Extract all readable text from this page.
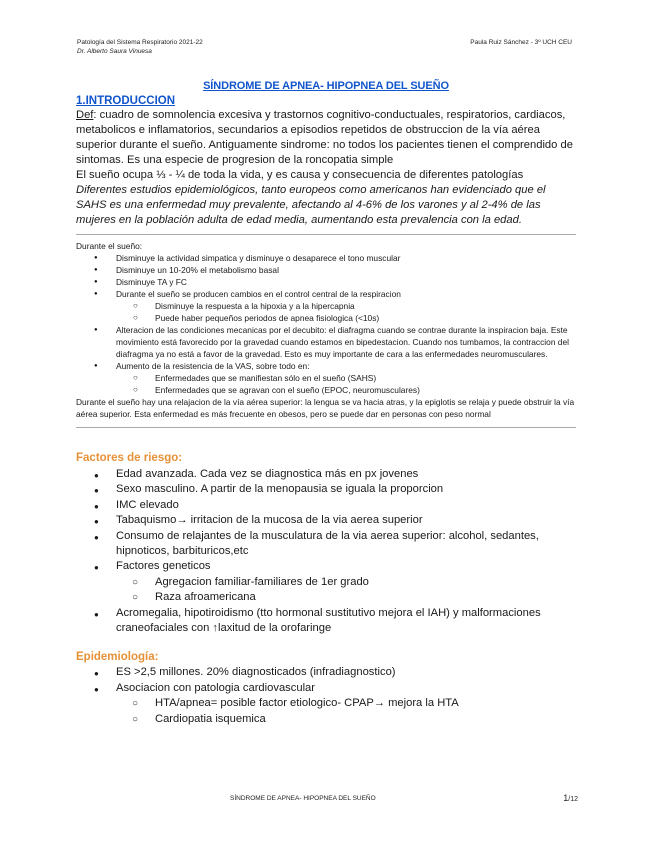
Patología del Sistema Respiratorio 2021-22
Dr. Alberto Saura Vinuesa
Paula Ruiz Sánchez - 3º UCH CEU
SÍNDROME DE APNEA- HIPOPNEA DEL SUEÑO
1.INTRODUCCION

Def: cuadro de somnolencia excesiva y trastornos cognitivo-conductuales, respiratorios, cardiacos, metabolicos e inflamatorios, secundarios a episodios repetidos de obstruccion de la vía aérea superior durante el sueño. Antiguamente sindrome: no todos los pacientes tienen el comprendido de sintomas. Es una especie de progresion de la roncopatia simple

El sueño ocupa ⅓ - ¼ de toda la vida, y es causa y consecuencia de diferentes patologías

Diferentes estudios epidemiológicos, tanto europeos como americanos han evidenciado que el SAHS es una enfermedad muy prevalente, afectando al 4-6% de los varones y al 2-4% de las mujeres en la población adulta de edad media, aumentando esta prevalencia con la edad.

Durante el sueño:

● Disminuye la actividad simpatica y disminuye o desaparece el tono muscular
● Disminuye un 10-20% el metabolismo basal
● Disminuye TA y FC
● Durante el sueño se producen cambios en el control central de la respiracion
○ Disminuye la respuesta a la hipoxia y a la hipercapnia
○ Puede haber pequeños periodos de apnea fisiologica (<10s)
● Alteracion de las condiciones mecanicas por el decubito: el diafragma cuando se contrae durante la inspiracion baja. Este movimiento está favorecido por la gravedad cuando estamos en bipedestacion. Cuando nos tumbamos, la contraccion del diafragma ya no está a favor de la gravedad. Esto es muy importante de cara a las enfermedades neuromusculares.
● Aumento de la resistencia de la VAS, sobre todo en:
○ Enfermedades que se manifiestan sólo en el sueño (SAHS)
○ Enfermedades que se agravan con el sueño (EPOC, neuromusculares)

Durante el sueño hay una relajacion de la vía aérea superior: la lengua se va hacia atras, y la epiglotis se relaja y puede obstruir la vía aérea superior. Esta enfermedad es más frecuente en obesos, pero se puede dar en personas con peso normal

Factores de riesgo:
● Edad avanzada. Cada vez se diagnostica más en px jovenes
● Sexo masculino. A partir de la menopausia se iguala la proporcion
● IMC elevado
● Tabaquismo→ irritacion de la mucosa de la via aerea superior
● Consumo de relajantes de la musculatura de la via aerea superior: alcohol, sedantes, hipnoticos, barbituricos,etc
● Factores geneticos
○ Agregacion familiar-familiares de 1er grado
○ Raza afroamericana
● Acromegalia, hipotiroidismo (tto hormonal sustitutivo mejora el IAH) y malformaciones craneofaciales con ↑laxitud de la orofaringe
Epidemiología:
● ES >2,5 millones. 20% diagnosticados (infradiagnostico)
● Asociacion con patologia cardiovascular
○ HTA/apnea= posible factor etiologico- CPAP→ mejora la HTA
○ Cardiopatia isquemica
SÍNDROME DE APNEA- HIPOPNEA DEL SUEÑO	1/12
